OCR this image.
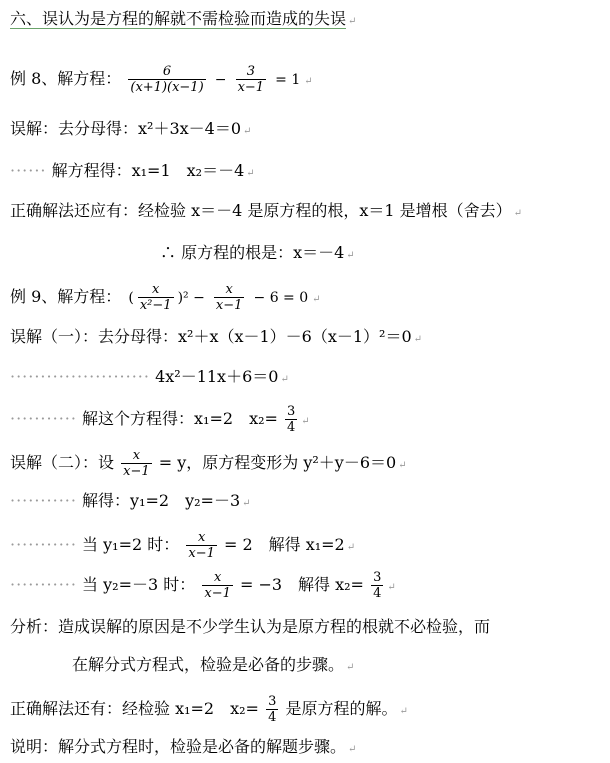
六、误认为是方程的解就不需检验而造成的失误 ↵
例 8、解方程： $\frac{6}{(x+1)(x-1)} - \frac{3}{x-1} = 1$ ↵
误解：去分母得：x²＋3x－4＝0 ↵
······ 解方程得：x₁=1　x₂＝－4 ↵
正确解法还应有：经检验 x＝－4 是原方程的根，x＝1 是增根（舍去） ↵
∴ 原方程的根是：x＝－4 ↵
例 9、解方程： ( $\frac{x}{\text{x²−1}} )^2 - \frac{x}{x-1} - 6 = 0$ ↵
误解（一）：去分母得：x²＋x（x－1）－6（x－1）²＝0 ↵
······················· 4x²－11x＋6＝0 ↵
··········· 解这个方程得：x₁=2　$x_2= \frac{3}{4}$ ↵
误解（二）：设 $\frac{x}{x-1} = y$，原方程变形为 y²＋y－6＝0 ↵
··········· 解得：y₁=2　y₂=－3 ↵
··········· 当 y₁=2 时： $\frac{x}{x-1} = 2$　解得 x₁=2 ↵
··········· 当 y₂=－3 时： $\frac{x}{x-1} = -3$　解得 $x_2= \frac{3}{4}$ ↵
分析：造成误解的原因是不少学生认为是原方程的根就不必检验，而
在解分式方程式，检验是必备的步骤。 ↵
正确解法还有：经检验 x₁=2　$x_2= \frac{3}{4}$ 是原方程的解。 ↵
说明：解分式方程时，检验是必备的解题步骤。 ↵
